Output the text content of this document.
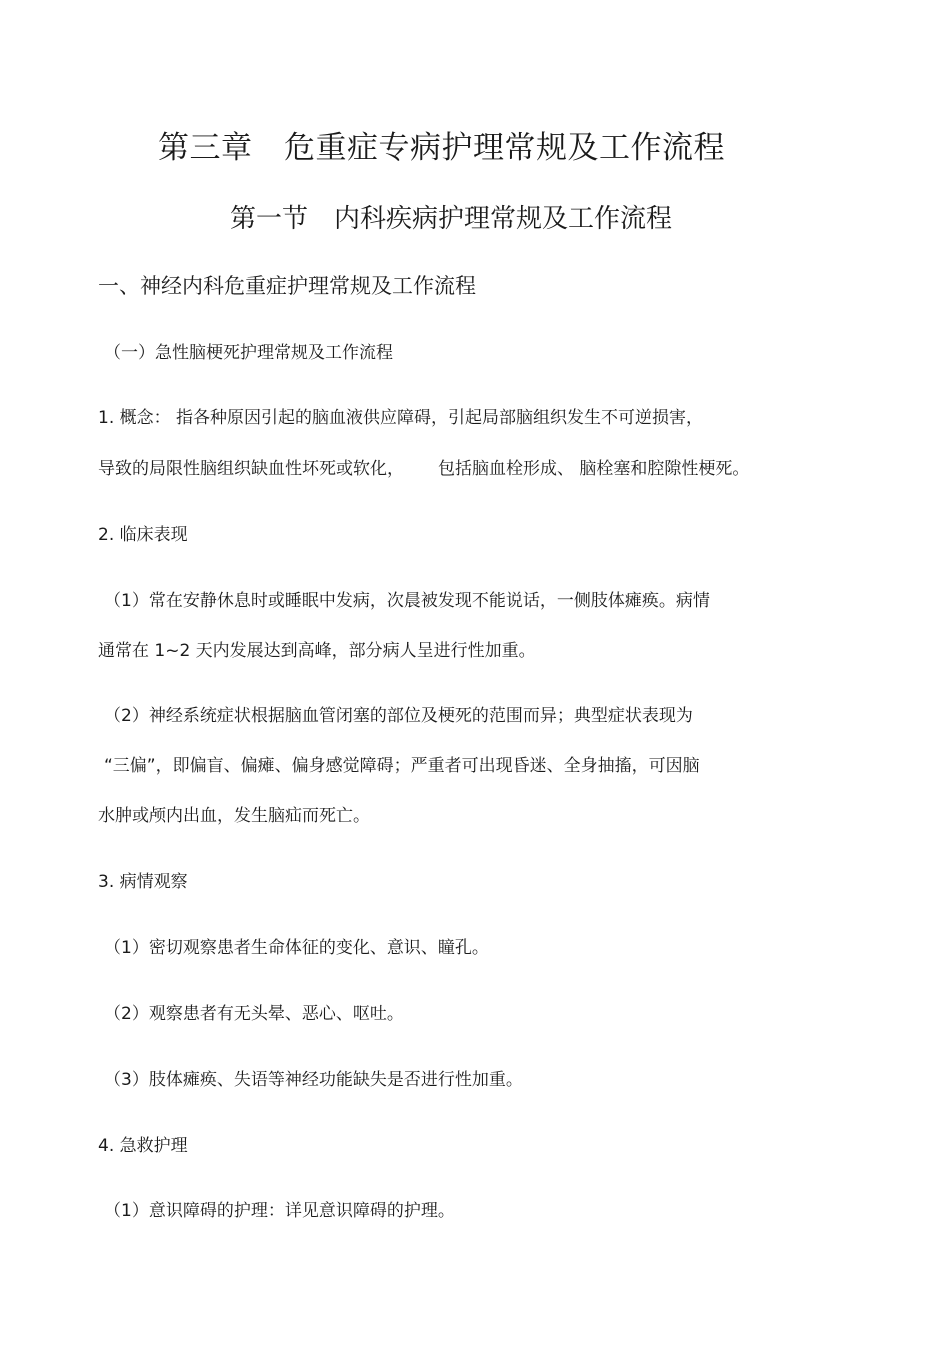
第三章　危重症专病护理常规及工作流程
第一节　内科疾病护理常规及工作流程
一、神经内科危重症护理常规及工作流程
（一）急性脑梗死护理常规及工作流程
1. 概念： 指各种原因引起的脑血液供应障碍，引起局部脑组织发生不可逆损害，
导致的局限性脑组织缺血性坏死或软化， 包括脑血栓形成、 脑栓塞和腔隙性梗死。
2. 临床表现
（1）常在安静休息时或睡眠中发病，次晨被发现不能说话，一侧肢体瘫痪。病情
通常在 1~2 天内发展达到高峰，部分病人呈进行性加重。
（2）神经系统症状根据脑血管闭塞的部位及梗死的范围而异；典型症状表现为
“三偏”，即偏盲、偏瘫、偏身感觉障碍；严重者可出现昏迷、全身抽搐，可因脑
水肿或颅内出血，发生脑疝而死亡。
3. 病情观察
（1）密切观察患者生命体征的变化、意识、瞳孔。
（2）观察患者有无头晕、恶心、呕吐。
（3）肢体瘫痪、失语等神经功能缺失是否进行性加重。
4. 急救护理
（1）意识障碍的护理：详见意识障碍的护理。
